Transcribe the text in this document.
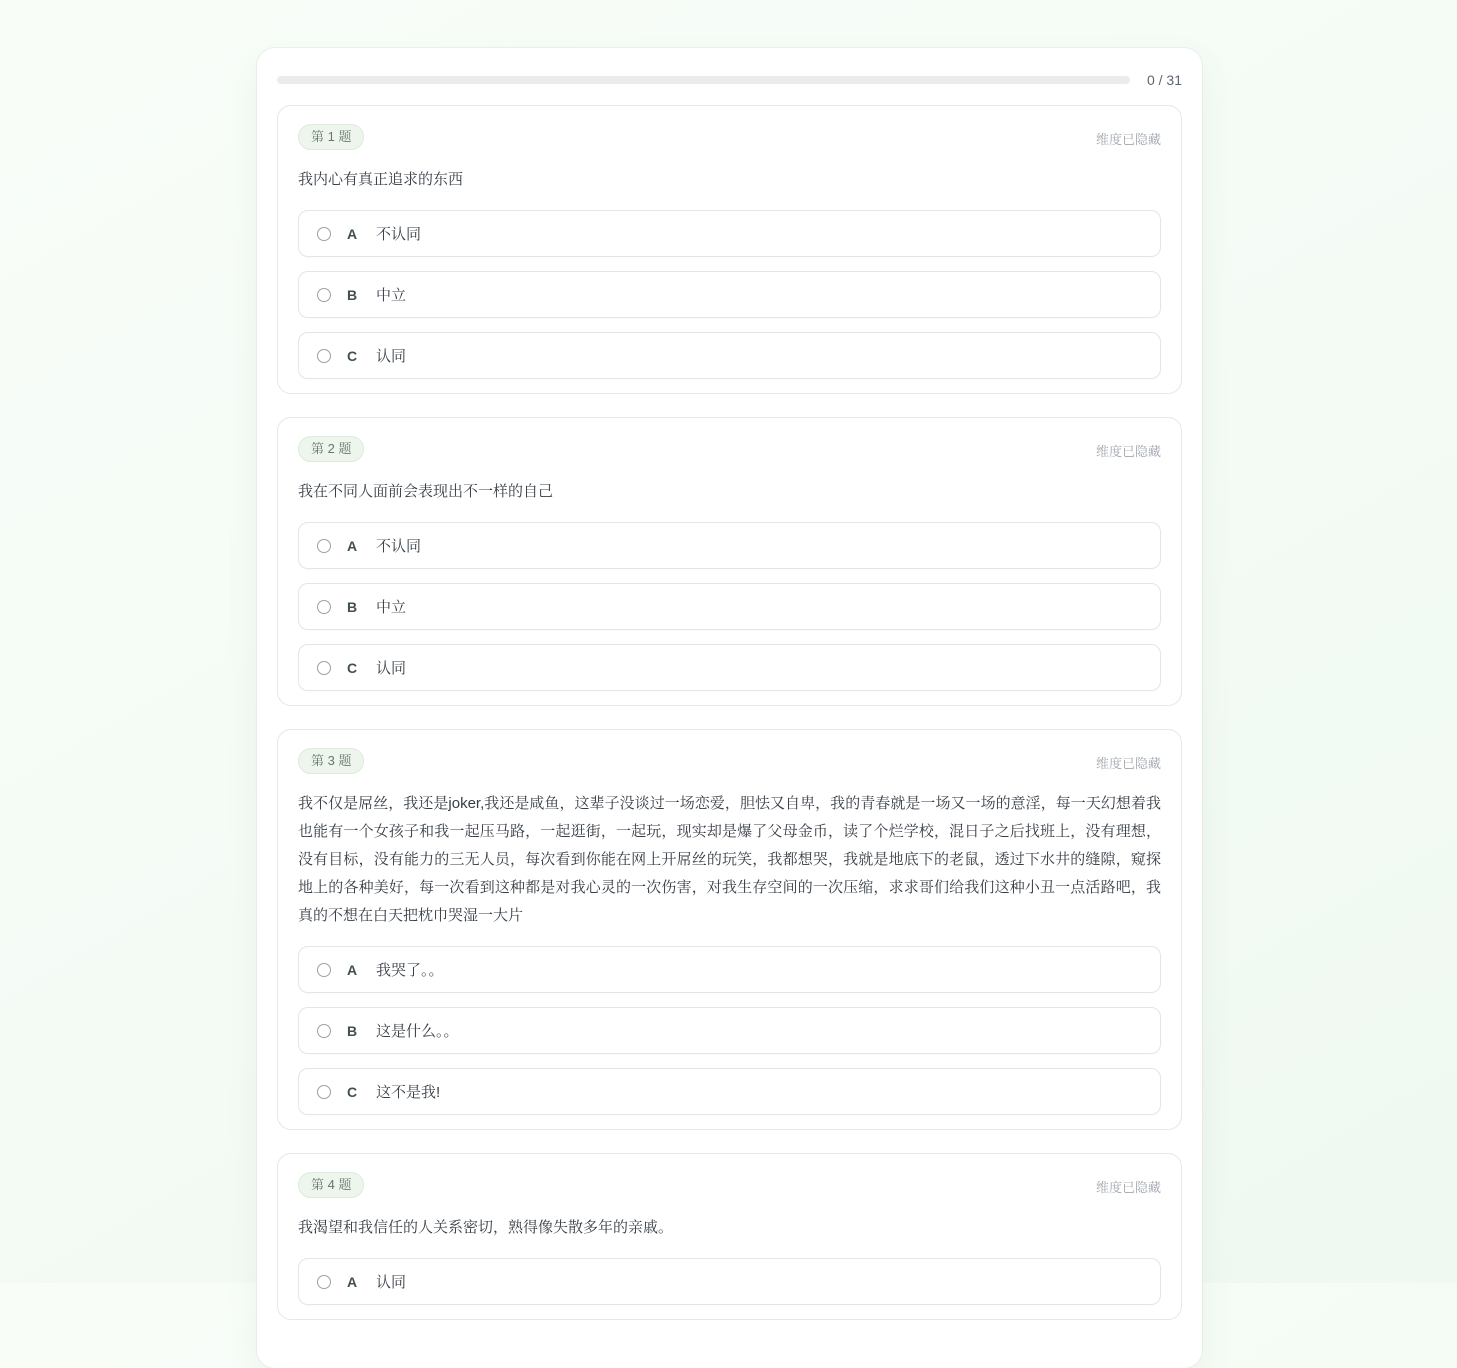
0 / 31
第 1 题	维度已隐藏
我内心有真正追求的东西
A 不认同
B 中立
C 认同
第 2 题	维度已隐藏
我在不同人面前会表现出不一样的自己
A 不认同
B 中立
C 认同
第 3 题	维度已隐藏
我不仅是屌丝，我还是joker,我还是咸鱼，这辈子没谈过一场恋爱，胆怯又自卑，我的青春就是一场又一场的意淫，每一天幻想着我也能有一个女孩子和我一起压马路，一起逛街，一起玩，现实却是爆了父母金币，读了个烂学校，混日子之后找班上，没有理想，没有目标，没有能力的三无人员，每次看到你能在网上开屌丝的玩笑，我都想哭，我就是地底下的老鼠，透过下水井的缝隙，窥探地上的各种美好，每一次看到这种都是对我心灵的一次伤害，对我生存空间的一次压缩，求求哥们给我们这种小丑一点活路吧，我真的不想在白天把枕巾哭湿一大片
A 我哭了。。
B 这是什么。。
C 这不是我!
第 4 题	维度已隐藏
我渴望和我信任的人关系密切，熟得像失散多年的亲戚。
A 认同
